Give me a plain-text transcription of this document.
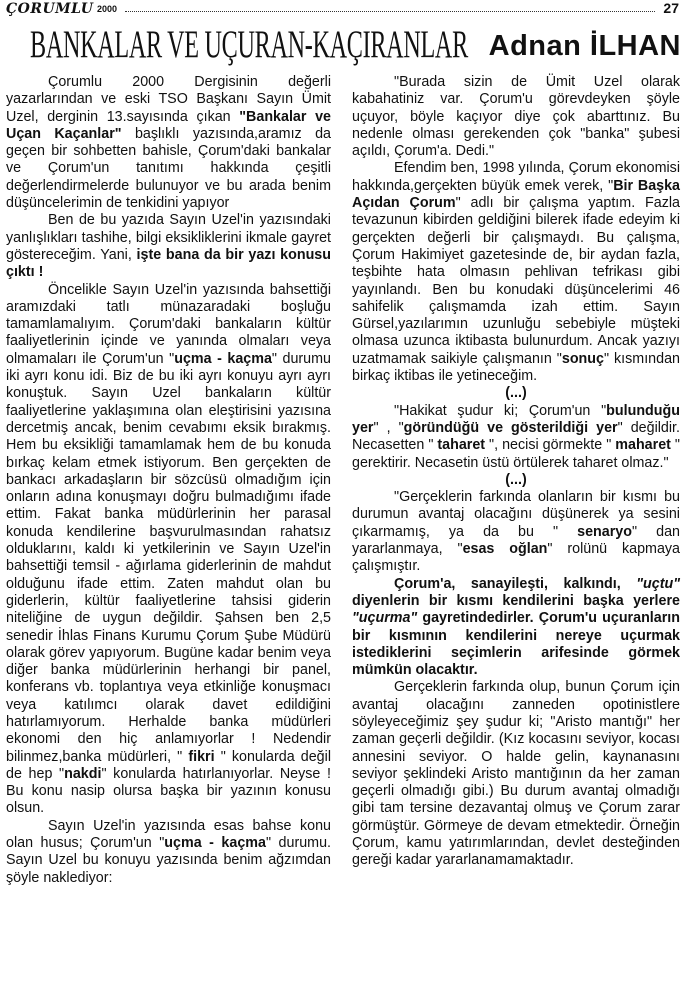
ÇORUMLU 2000	27
BANKALAR VE UÇURAN-KAÇIRANLAR Adnan İLHAN

Çorumlu 2000 Dergisinin değerli yazarlarından ve eski TSO Başkanı Sayın Ümit Uzel, derginin 13.sayısında çıkan "Bankalar ve Uçan Kaçanlar" başlıklı yazısında,aramız da geçen bir sohbetten bahisle, Çorum'daki bankalar ve Çorum'un tanıtımı hakkında çeşitli değerlendirmelerde bulunuyor ve bu arada benim düşüncelerimin de tenkidini yapıyor

Ben de bu yazıda Sayın Uzel'in yazısındaki yanlışlıkları tashihe, bilgi eksikliklerini ikmale gayret göstereceğim. Yani, işte bana da bir yazı konusu çıktı !

Öncelikle Sayın Uzel'in yazısında bahsettiği aramızdaki tatlı münazaradaki boşluğu tamamlamalıyım. Çorum'daki bankaların kültür faaliyetlerinin içinde ve yanında olmaları veya olmamaları ile Çorum'un "uçma - kaçma" durumu iki ayrı konu idi. Biz de bu iki ayrı konuyu ayrı ayrı konuştuk. Sayın Uzel bankaların kültür faaliyetlerine yaklaşımına olan eleştirisini yazısına dercetmiş ancak, benim cevabımı eksik bırakmış. Hem bu eksikliği tamamlamak hem de bu konuda bırkaç kelam etmek istiyorum. Ben gerçekten de bankacı arkadaşların bir sözcüsü olmadığım için onların adına konuşmayı doğru bulmadığımı ifade ettim. Fakat banka müdürlerinin her parasal konuda kendilerine başvurulmasından rahatsız olduklarını, kaldı ki yetkilerinin ve Sayın Uzel'in bahsettiği temsil - ağırlama giderlerinin de mahdut olduğunu ifade ettim. Zaten mahdut olan bu giderlerin, kültür faaliyetlerine tahsisi giderin niteliğine de uygun değildir. Şahsen ben 2,5 senedir İhlas Finans Kurumu Çorum Şube Müdürü olarak görev yapıyorum. Bugüne kadar benim veya diğer banka müdürlerinin herhangi bir panel, konferans vb. toplantıya veya etkinliğe konuşmacı veya katılımcı olarak davet edildiğini hatırlamıyorum. Herhalde banka müdürleri ekonomi den hiç anlamıyorlar ! Nedendir bilinmez,banka müdürleri, " fikri " konularda değil de hep "nakdi" konularda hatırlanıyorlar. Neyse ! Bu konu nasip olursa başka bir yazının konusu olsun.

Sayın Uzel'in yazısında esas bahse konu olan husus; Çorum'un "uçma - kaçma" durumu. Sayın Uzel bu konuyu yazısında benim ağzımdan şöyle naklediyor:

"Burada sizin de Ümit Uzel olarak kabahatiniz var. Çorum'u görevdeyken şöyle uçuyor, böyle kaçıyor diye çok abarttınız. Bu nedenle olması gerekenden çok "banka" şubesi açıldı, Çorum'a. Dedi."

Efendim ben, 1998 yılında, Çorum ekonomisi hakkında,gerçekten büyük emek verek, "Bir Başka Açıdan Çorum" adlı bir çalışma yaptım. Fazla tevazunun kibirden geldiğini bilerek ifade edeyim ki gerçekten değerli bir çalışmaydı. Bu çalışma, Çorum Hakimiyet gazetesinde de, bir aydan fazla, teşbihte hata olmasın pehlivan tefrikası gibi yayınlandı. Ben bu konudaki düşüncelerimi 46 sahifelik çalışmamda izah ettim. Sayın Gürsel,yazılarımın uzunluğu sebebiyle müşteki olmasa uzunca iktibasta bulunurdum. Ancak yazıyı uzatmamak saikiyle çalışmanın "sonuç" kısmından birkaç iktibas ile yetineceğim.

(...)

"Hakikat şudur ki; Çorum'un "bulunduğu yer" , "göründüğü ve gösterildiği yer" değildir. Necasetten " taharet ", necisi görmekte " maharet " gerektirir. Necasetin üstü örtülerek taharet olmaz."

(...)

"Gerçeklerin farkında olanların bir kısmı bu durumun avantaj olacağını düşünerek ya sesini çıkarmamış, ya da bu " senaryo" dan yararlanmaya, "esas oğlan" rolünü kapmaya çalışmıştır.

Çorum'a, sanayileşti, kalkındı, "uçtu" diyenlerin bir kısmı kendilerini başka yerlere "uçurma" gayretindedirler. Çorum'u uçuranların bir kısmının kendilerini nereye uçurmak istediklerini seçimlerin arifesinde görmek mümkün olacaktır.

Gerçeklerin farkında olup, bunun Çorum için avantaj olacağını zanneden opotinistlere söyleyeceğimiz şey şudur ki; "Aristo mantığı" her zaman geçerli değildir. (Kız kocasını seviyor, kocası annesini seviyor. O halde gelin, kaynanasını seviyor şeklindeki Aristo mantığının da her zaman geçerli olmadığı gibi.) Bu durum avantaj olmadığı gibi tam tersine dezavantaj olmuş ve Çorum zarar görmüştür. Görmeye de devam etmektedir. Örneğin Çorum, kamu yatırımlarından, devlet desteğinden gereği kadar yararlanamamaktadır.
